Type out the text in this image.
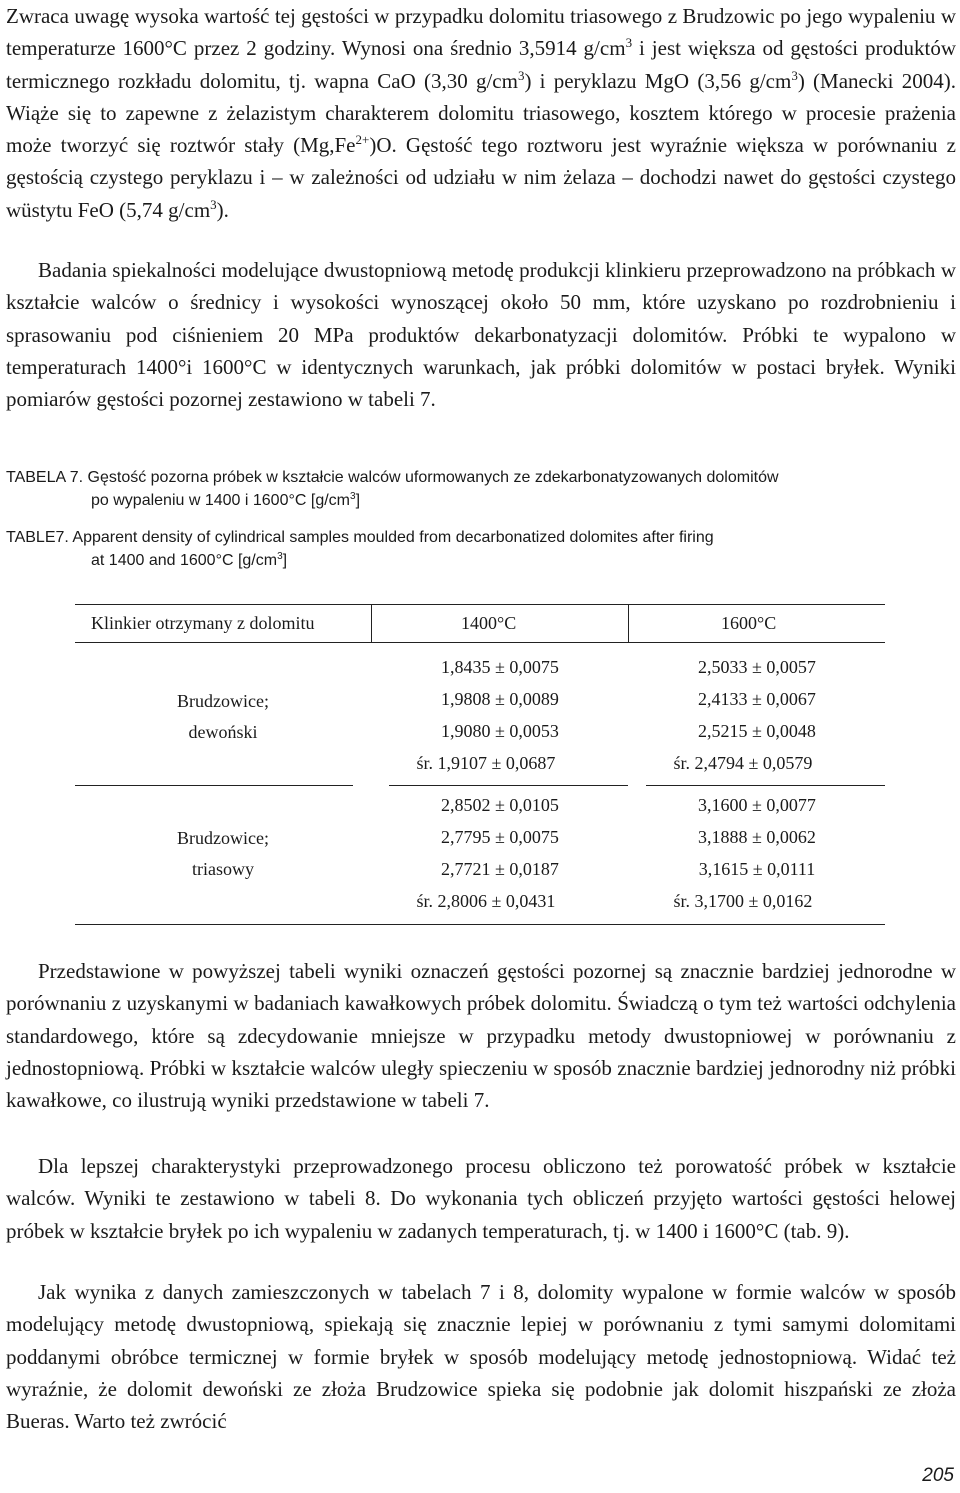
Zwraca uwagę wysoka wartość tej gęstości w przypadku dolomitu triasowego z Brudzowic po jego wypaleniu w temperaturze 1600°C przez 2 godziny. Wynosi ona średnio 3,5914 $g/cm^3$ i jest większa od gęstości produktów termicznego rozkładu dolomitu, tj. wapna CaO (3,30 $g/cm^3$) i peryklazu MgO (3,56 $g/cm^3$) (Manecki 2004). Wiąże się to zapewne z żelazistym charakterem dolomitu triasowego, kosztem którego w procesie prażenia może tworzyć się roztwór stały $(Mg,Fe^{2+})O$. Gęstość tego roztworu jest wyraźnie większa w porównaniu z gęstością czystego peryklazu i – w zależności od udziału w nim żelaza – dochodzi nawet do gęstości czystego wüstytu FeO (5,74 $g/cm^3$).

Badania spiekalności modelujące dwustopniową metodę produkcji klinkieru przeprowadzono na próbkach w kształcie walców o średnicy i wysokości wynoszącej około 50 mm, które uzyskano po rozdrobnieniu i sprasowaniu pod ciśnieniem 20 MPa produktów dekarbonatyzacji dolomitów. Próbki te wypalono w temperaturach 1400°i 1600°C w identycznych warunkach, jak próbki dolomitów w postaci bryłek. Wyniki pomiarów gęstości pozornej zestawiono w tabeli 7.

TABELA 7. Gęstość pozorna próbek w kształcie walców uformowanych ze zdekarbonatyzowanych dolomitów
po wypaleniu w 1400 i 1600°C $[g/cm^3]$

TABLE7. Apparent density of cylindrical samples moulded from decarbonatized dolomites after firing
at 1400 and 1600°C $[g/cm^3]$

Klinkier otrzymany z dolomitu	1400°C	1600°C
Brudzowice;
dewoński
1,8435 ± 0,0075
1,9808 ± 0,0089
1,9080 ± 0,0053
śr. 1,9107 ± 0,0687
2,5033 ± 0,0057
2,4133 ± 0,0067
2,5215 ± 0,0048
śr. 2,4794 ± 0,0579
Brudzowice;
triasowy
2,8502 ± 0,0105
2,7795 ± 0,0075
2,7721 ± 0,0187
śr. 2,8006 ± 0,0431
3,1600 ± 0,0077
3,1888 ± 0,0062
3,1615 ± 0,0111
śr. 3,1700 ± 0,0162

Przedstawione w powyższej tabeli wyniki oznaczeń gęstości pozornej są znacznie bardziej jednorodne w porównaniu z uzyskanymi w badaniach kawałkowych próbek dolomitu. Świadczą o tym też wartości odchylenia standardowego, które są zdecydowanie mniejsze w przypadku metody dwustopniowej w porównaniu z jednostopniową. Próbki w kształcie walców uległy spieczeniu w sposób znacznie bardziej jednorodny niż próbki kawałkowe, co ilustrują wyniki przedstawione w tabeli 7.

Dla lepszej charakterystyki przeprowadzonego procesu obliczono też porowatość próbek w kształcie walców. Wyniki te zestawiono w tabeli 8. Do wykonania tych obliczeń przyjęto wartości gęstości helowej próbek w kształcie bryłek po ich wypaleniu w zadanych temperaturach, tj. w 1400 i 1600°C (tab. 9).

Jak wynika z danych zamieszczonych w tabelach 7 i 8, dolomity wypalone w formie walców w sposób modelujący metodę dwustopniową, spiekają się znacznie lepiej w porównaniu z tymi samymi dolomitami poddanymi obróbce termicznej w formie bryłek w sposób modelujący metodę jednostopniową. Widać też wyraźnie, że dolomit dewoński ze złoża Brudzowice spieka się podobnie jak dolomit hiszpański ze złoża Bueras. Warto też zwrócić

205
